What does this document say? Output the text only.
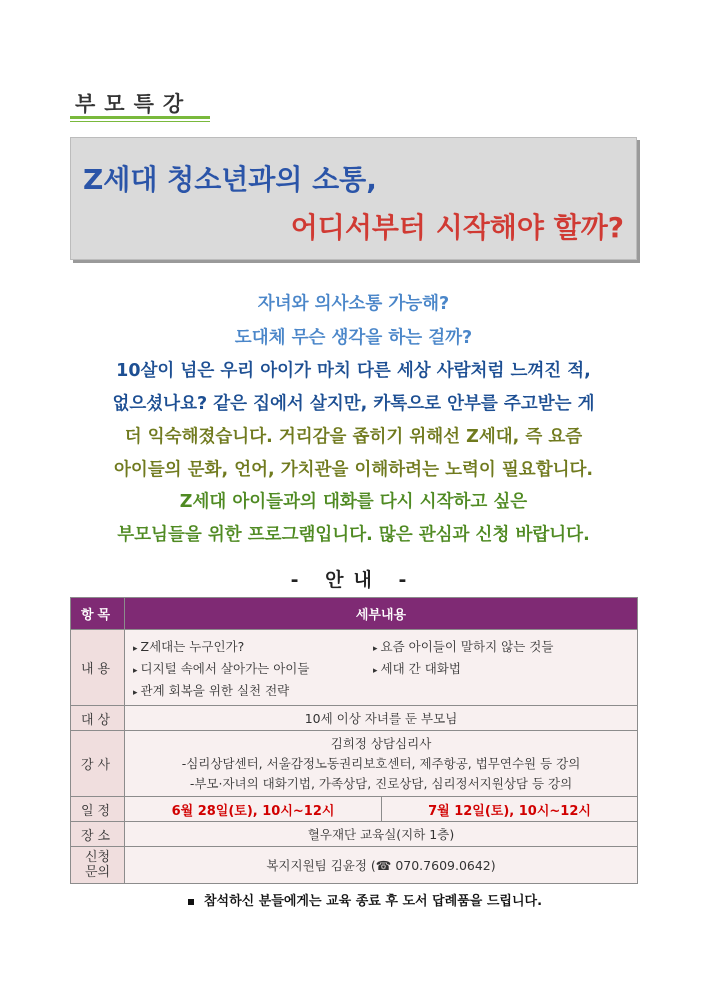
부모특강
Z세대 청소년과의 소통,
어디서부터 시작해야 할까?
자녀와 의사소통 가능해?
도대체 무슨 생각을 하는 걸까?
10살이 넘은 우리 아이가 마치 다른 세상 사람처럼 느껴진 적,
없으셨나요? 같은 집에서 살지만, 카톡으로 안부를 주고받는 게
더 익숙해졌습니다. 거리감을 좁히기 위해선 Z세대, 즉 요즘
아이들의 문화, 언어, 가치관을 이해하려는 노력이 필요합니다.
Z세대 아이들과의 대화를 다시 시작하고 싶은
부모님들을 위한 프로그램입니다. 많은 관심과 신청 바랍니다.
- 안내 -
항목	세부내용	
내용	▸ Z세대는 누구인가? ▸ 요즘 아이들이 말하지 않는 것들
▸ 디지털 속에서 살아가는 아이들 ▸ 세대 간 대화법
▸ 관계 회복을 위한 실천 전략	

대상	10세 이상 자녀를 둔 부모님	
강사	김희정 상담심리사
-심리상담센터, 서울감정노동권리보호센터, 제주항공, 법무연수원 등 강의
-부모·자녀의 대화기법, 가족상담, 진로상담, 심리정서지원상담 등 강의	

일정	6월 28일(토), 10시~12시	7월 12일(토), 10시~12시
장소	혈우재단 교육실(지하 1층)	

신청
문의	복지지원팀 김윤정 (☎ 070.7609.0642)	
참석하신 분들에게는 교육 종료 후 도서 답례품을 드립니다.
